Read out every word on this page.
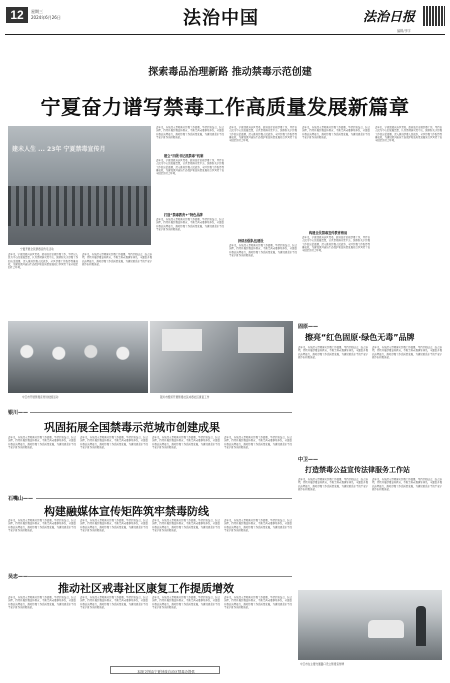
12	星期三
2024年6月26日	法治中国	法治日报
编辑/李宇
探索毒品治理新路 推动禁毒示范创建
宁夏奋力谱写禁毒工作高质量发展新篇章
建未人生 ... 23年 宁夏禁毒宣传月
宁夏开展全民禁毒宣传月活动
近年来，宁夏回族自治区党委、政府高度重视禁毒工作，坚持以人民为中心的发展思想，认真贯彻落实党中央、国务院关于禁毒工作的决策部署，深入推进禁毒人民战争，全区禁毒工作取得显著成效，为建设黄河流域生态保护和高质量发展先行区营造了安全稳定的社会环境。
近年来，各地深入贯彻落实禁毒工作部署，坚持打防结合、综合治理，持续开展禁毒宣传教育，不断完善戒毒康复体系，全面提升毒品治理能力，推动禁毒工作高质量发展，为建设更高水平的平安宁夏作出积极贡献。
近年来，各地深入贯彻落实禁毒工作部署，坚持打防结合、综合治理，持续开展禁毒宣传教育，不断完善戒毒康复体系，全面提升毒品治理能力，推动禁毒工作高质量发展，为建设更高水平的平安宁夏作出积极贡献。
建立“四级书记抓禁毒”机制
近年来，宁夏回族自治区党委、政府高度重视禁毒工作，坚持以人民为中心的发展思想，认真贯彻落实党中央、国务院关于禁毒工作的决策部署，深入推进禁毒人民战争，全区禁毒工作取得显著成效，为建设黄河流域生态保护和高质量发展先行区营造了安全稳定的社会环境。
打造“禁毒教育+”特色品牌
近年来，各地深入贯彻落实禁毒工作部署，坚持打防结合、综合治理，持续开展禁毒宣传教育，不断完善戒毒康复体系，全面提升毒品治理能力，推动禁毒工作高质量发展，为建设更高水平的平安宁夏作出积极贡献。
近年来，宁夏回族自治区党委、政府高度重视禁毒工作，坚持以人民为中心的发展思想，认真贯彻落实党中央、国务院关于禁毒工作的决策部署，深入推进禁毒人民战争，全区禁毒工作取得显著成效，为建设黄河流域生态保护和高质量发展先行区营造了安全稳定的社会环境。
持续加强队伍建设
近年来，各地深入贯彻落实禁毒工作部署，坚持打防结合、综合治理，持续开展禁毒宣传教育，不断完善戒毒康复体系，全面提升毒品治理能力，推动禁毒工作高质量发展，为建设更高水平的平安宁夏作出积极贡献。
近年来，各地深入贯彻落实禁毒工作部署，坚持打防结合、综合治理，持续开展禁毒宣传教育，不断完善戒毒康复体系，全面提升毒品治理能力，推动禁毒工作高质量发展，为建设更高水平的平安宁夏作出积极贡献。
构建全民禁毒宣传教育格局
近年来，宁夏回族自治区党委、政府高度重视禁毒工作，坚持以人民为中心的发展思想，认真贯彻落实党中央、国务院关于禁毒工作的决策部署，深入推进禁毒人民战争，全区禁毒工作取得显著成效，为建设黄河流域生态保护和高质量发展先行区营造了安全稳定的社会环境。
近年来，宁夏回族自治区党委、政府高度重视禁毒工作，坚持以人民为中心的发展思想，认真贯彻落实党中央、国务院关于禁毒工作的决策部署，深入推进禁毒人民战争，全区禁毒工作取得显著成效，为建设黄河流域生态保护和高质量发展先行区营造了安全稳定的社会环境。
中卫市开展禁毒宣传进校园活动	银川市组织开展禁毒社区戒毒社区康复工作
银川——
巩固拓展全国禁毒示范城市创建成果
近年来，各地深入贯彻落实禁毒工作部署，坚持打防结合、综合治理，持续开展禁毒宣传教育，不断完善戒毒康复体系，全面提升毒品治理能力，推动禁毒工作高质量发展，为建设更高水平的平安宁夏作出积极贡献。
近年来，各地深入贯彻落实禁毒工作部署，坚持打防结合、综合治理，持续开展禁毒宣传教育，不断完善戒毒康复体系，全面提升毒品治理能力，推动禁毒工作高质量发展，为建设更高水平的平安宁夏作出积极贡献。
近年来，各地深入贯彻落实禁毒工作部署，坚持打防结合、综合治理，持续开展禁毒宣传教育，不断完善戒毒康复体系，全面提升毒品治理能力，推动禁毒工作高质量发展，为建设更高水平的平安宁夏作出积极贡献。
近年来，各地深入贯彻落实禁毒工作部署，坚持打防结合、综合治理，持续开展禁毒宣传教育，不断完善戒毒康复体系，全面提升毒品治理能力，推动禁毒工作高质量发展，为建设更高水平的平安宁夏作出积极贡献。
石嘴山——
构建融媒体宣传矩阵筑牢禁毒防线
近年来，各地深入贯彻落实禁毒工作部署，坚持打防结合、综合治理，持续开展禁毒宣传教育，不断完善戒毒康复体系，全面提升毒品治理能力，推动禁毒工作高质量发展，为建设更高水平的平安宁夏作出积极贡献。
近年来，各地深入贯彻落实禁毒工作部署，坚持打防结合、综合治理，持续开展禁毒宣传教育，不断完善戒毒康复体系，全面提升毒品治理能力，推动禁毒工作高质量发展，为建设更高水平的平安宁夏作出积极贡献。
近年来，各地深入贯彻落实禁毒工作部署，坚持打防结合、综合治理，持续开展禁毒宣传教育，不断完善戒毒康复体系，全面提升毒品治理能力，推动禁毒工作高质量发展，为建设更高水平的平安宁夏作出积极贡献。
近年来，各地深入贯彻落实禁毒工作部署，坚持打防结合、综合治理，持续开展禁毒宣传教育，不断完善戒毒康复体系，全面提升毒品治理能力，推动禁毒工作高质量发展，为建设更高水平的平安宁夏作出积极贡献。
吴忠——
推动社区戒毒社区康复工作提质增效
近年来，各地深入贯彻落实禁毒工作部署，坚持打防结合、综合治理，持续开展禁毒宣传教育，不断完善戒毒康复体系，全面提升毒品治理能力，推动禁毒工作高质量发展，为建设更高水平的平安宁夏作出积极贡献。
近年来，各地深入贯彻落实禁毒工作部署，坚持打防结合、综合治理，持续开展禁毒宣传教育，不断完善戒毒康复体系，全面提升毒品治理能力，推动禁毒工作高质量发展，为建设更高水平的平安宁夏作出积极贡献。
近年来，各地深入贯彻落实禁毒工作部署，坚持打防结合、综合治理，持续开展禁毒宣传教育，不断完善戒毒康复体系，全面提升毒品治理能力，推动禁毒工作高质量发展，为建设更高水平的平安宁夏作出积极贡献。
近年来，各地深入贯彻落实禁毒工作部署，坚持打防结合、综合治理，持续开展禁毒宣传教育，不断完善戒毒康复体系，全面提升毒品治理能力，推动禁毒工作高质量发展，为建设更高水平的平安宁夏作出积极贡献。
固原——
擦亮“红色固原·绿色无毒”品牌
近年来，各地深入贯彻落实禁毒工作部署，坚持打防结合、综合治理，持续开展禁毒宣传教育，不断完善戒毒康复体系，全面提升毒品治理能力，推动禁毒工作高质量发展，为建设更高水平的平安宁夏作出积极贡献。
近年来，各地深入贯彻落实禁毒工作部署，坚持打防结合、综合治理，持续开展禁毒宣传教育，不断完善戒毒康复体系，全面提升毒品治理能力，推动禁毒工作高质量发展，为建设更高水平的平安宁夏作出积极贡献。
中卫——
打造禁毒公益宣传法律服务工作站
近年来，各地深入贯彻落实禁毒工作部署，坚持打防结合、综合治理，持续开展禁毒宣传教育，不断完善戒毒康复体系，全面提升毒品治理能力，推动禁毒工作高质量发展，为建设更高水平的平安宁夏作出积极贡献。
近年来，各地深入贯彻落实禁毒工作部署，坚持打防结合、综合治理，持续开展禁毒宣传教育，不断完善戒毒康复体系，全面提升毒品治理能力，推动禁毒工作高质量发展，为建设更高水平的平安宁夏作出积极贡献。
中卫市在主要交通路口设立禁毒宣传牌
本版文图由宁夏回族自治区禁毒办提供
